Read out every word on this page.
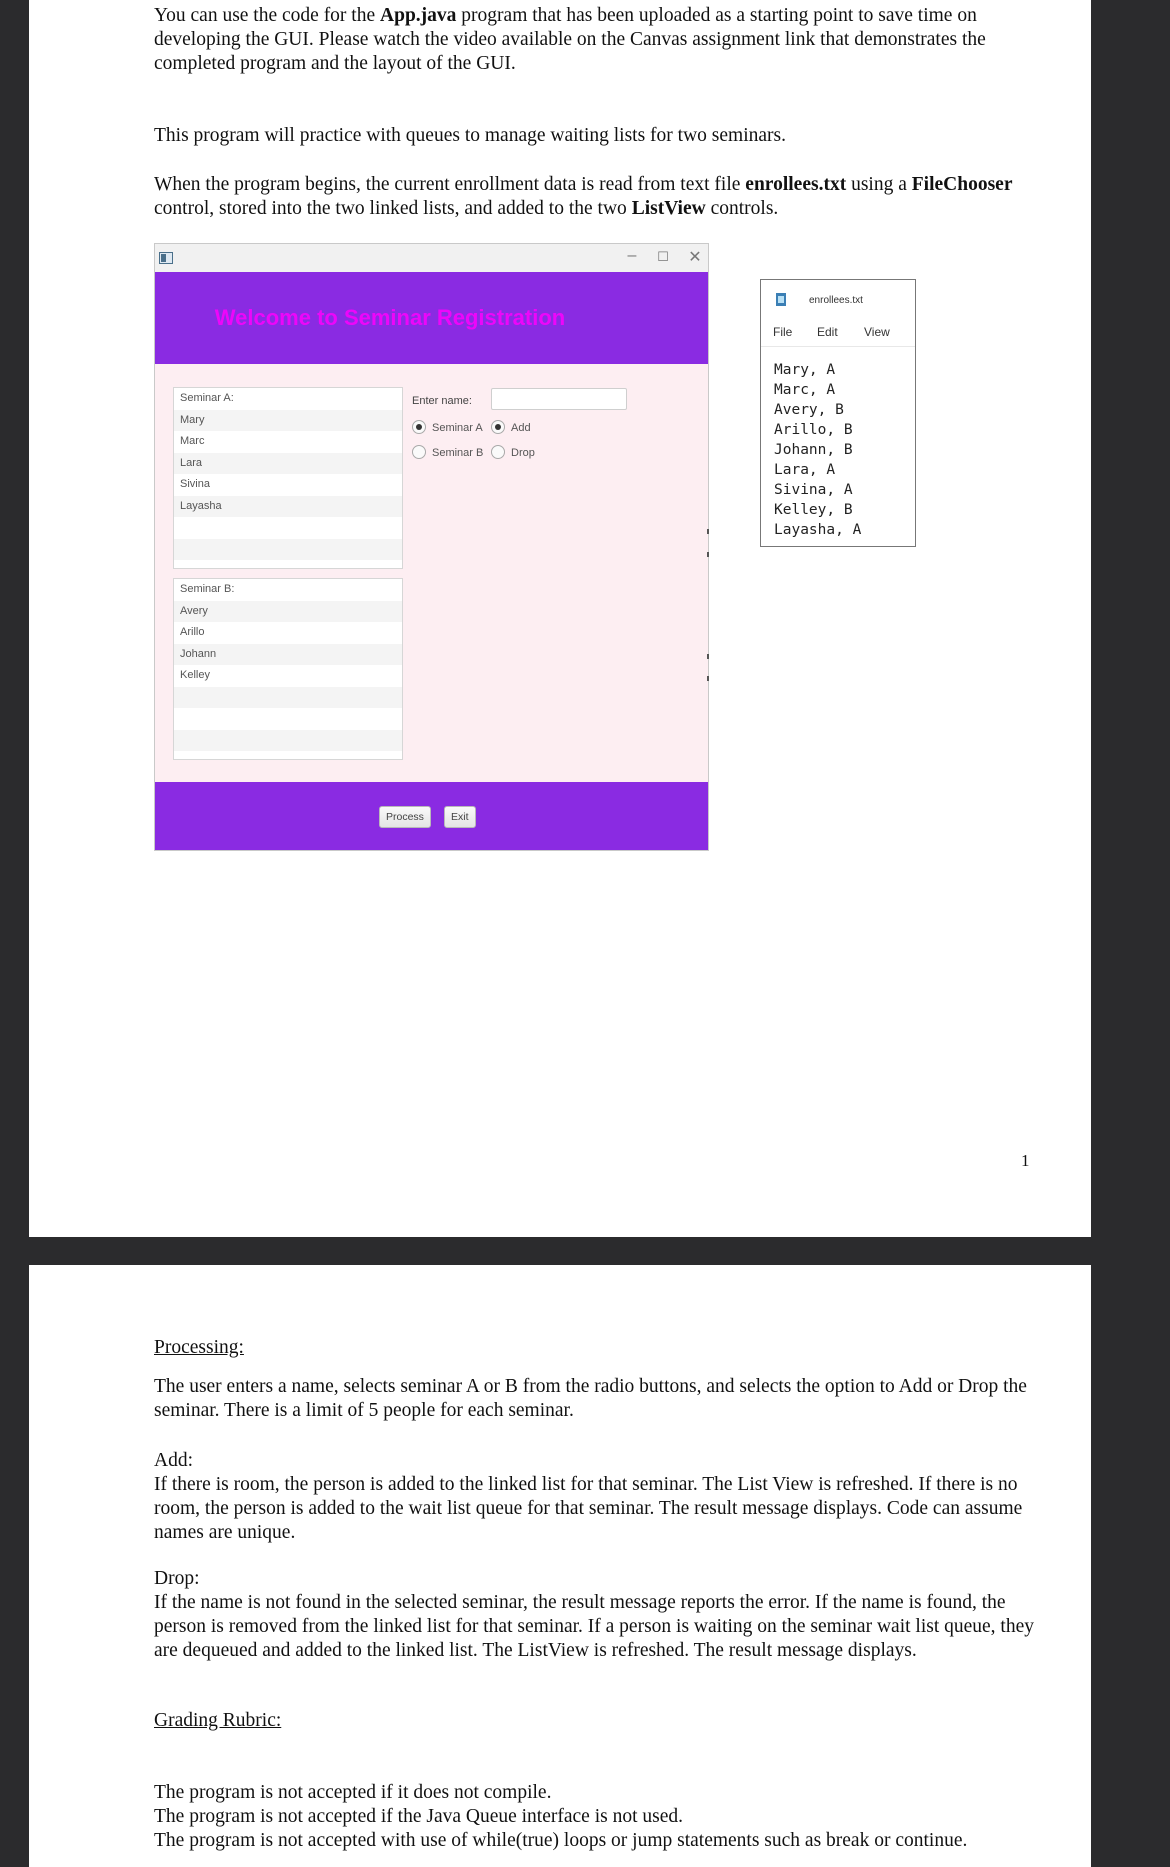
You can use the code for the App.java program that has been uploaded as a starting point to save time on developing the GUI. Please watch the video available on the Canvas assignment link that demonstrates the completed program and the layout of the GUI.

This program will practice with queues to manage waiting lists for two seminars.

When the program begins, the current enrollment data is read from text file enrollees.txt using a FileChooser control, stored into the two linked lists, and added to the two ListView controls.

–	☐	✕
Welcome to Seminar Registration
Seminar A:
Mary
Marc
Lara
Sivina
Layasha
Seminar B:
Avery
Arillo
Johann
Kelley
Enter name:
Seminar A	Add
Seminar B	Drop
Process	Exit
enrollees.txt
File Edit View
Mary, A
Marc, A
Avery, B
Arillo, B
Johann, B
Lara, A
Sivina, A
Kelley, B
Layasha, A
1

Processing:

The user enters a name, selects seminar A or B from the radio buttons, and selects the option to Add or Drop the seminar. There is a limit of 5 people for each seminar.

Add:

If there is room, the person is added to the linked list for that seminar. The List View is refreshed. If there is no room, the person is added to the wait list queue for that seminar. The result message displays. Code can assume names are unique.

Drop:

If the name is not found in the selected seminar, the result message reports the error. If the name is found, the person is removed from the linked list for that seminar. If a person is waiting on the seminar wait list queue, they are dequeued and added to the linked list. The ListView is refreshed. The result message displays.

Grading Rubric:

The program is not accepted if it does not compile.

The program is not accepted if the Java Queue interface is not used.

The program is not accepted with use of while(true) loops or jump statements such as break or continue.
